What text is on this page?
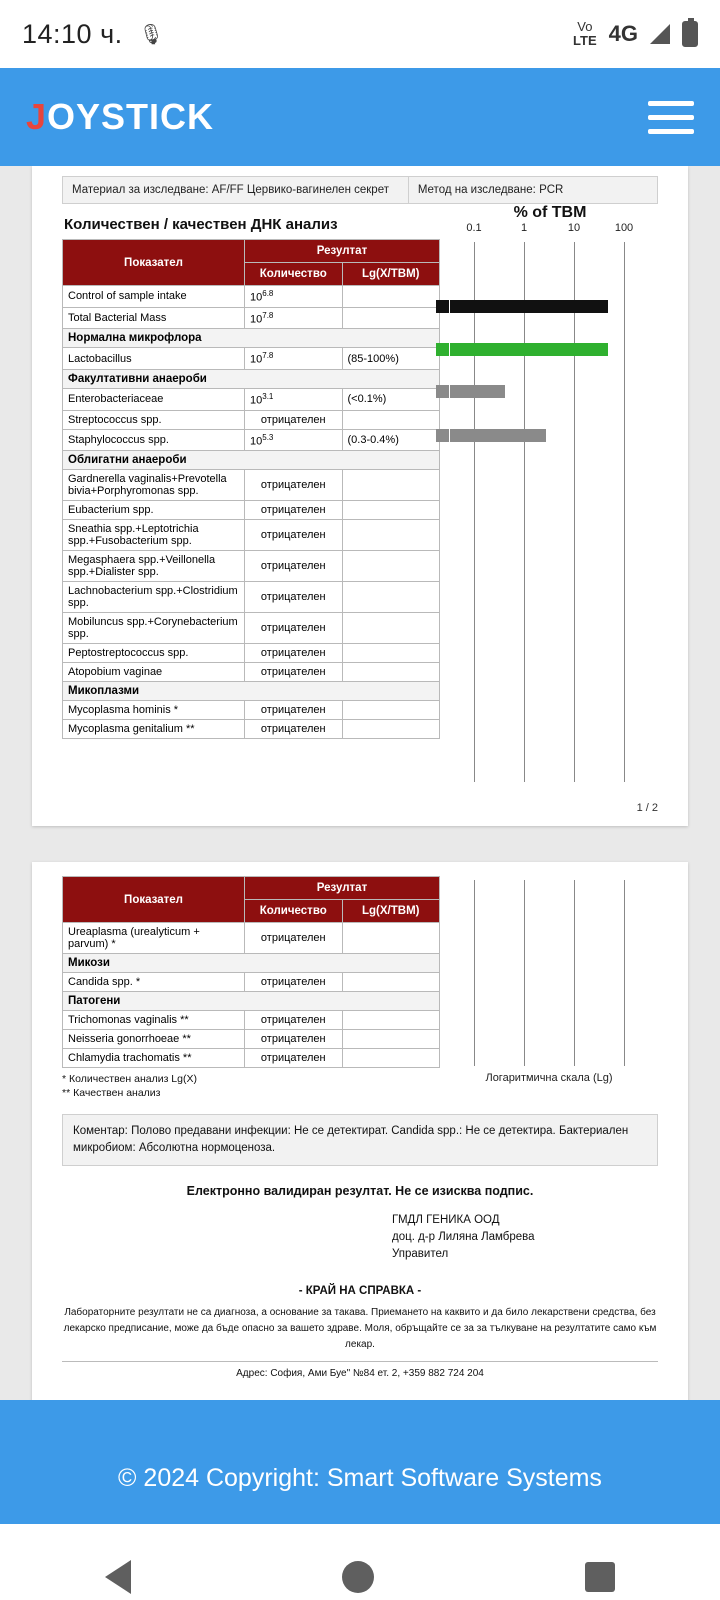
14:10 ч. 🎙	Vo
LTE 4G
JOYSTICK
Материал за изследване: AF/FF Цервико-вагинелен секрет	Метод на изследване: PCR
Количествен / качествен ДНК анализ
Показател	Резултат	
	Количество	Lg(X/TBM)
Control of sample intake	$10^{6.8}$	
Total Bacterial Mass	$10^{7.8}$	
Нормална микрофлора		
Lactobacillus	$10^{7.8}$	(85-100%)
Факултативни анаероби		
Enterobacteriaceae	$10^{3.1}$	(<0.1%)
Streptococcus spp.	отрицателен	
Staphylococcus spp.	$10^{5.3}$	(0.3-0.4%)
Облигатни анаероби		
Gardnerella vaginalis+Prevotella bivia+Porphyromonas spp.	отрицателен	
Eubacterium spp.	отрицателен	
Sneathia spp.+Leptotrichia spp.+Fusobacterium spp.	отрицателен	
Megasphaera spp.+Veillonella spp.+Dialister spp.	отрицателен	
Lachnobacterium spp.+Clostridium spp.	отрицателен	
Mobiluncus spp.+Corynebacterium spp.	отрицателен	
Peptostreptococcus spp.	отрицателен	
Atopobium vaginae	отрицателен	
Микоплазми		
Mycoplasma hominis *	отрицателен	
Mycoplasma genitalium **	отрицателен	
% of TBM
0.1	1	10	100
1 / 2
Показател	Резултат	
	Количество	Lg(X/TBM)
Ureaplasma (urealyticum + parvum) *	отрицателен	
Микози		
Candida spp. *	отрицателен	
Патогени		
Trichomonas vaginalis **	отрицателен	
Neisseria gonorrhoeae **	отрицателен	
Chlamydia trachomatis **	отрицателен	
* Количествен анализ Lg(X)
** Качествен анализ
Логаритмична скала (Lg)
Коментар: Полово предавани инфекции: Не се детектират. Candida spp.: Не се детектира. Бактериален микробиом: Абсолютна нормоценоза.
Електронно валидиран резултат. Не се изисква подпис.
ГМДЛ ГЕНИКА ООД
доц. д-р Лиляна Ламбрева
Управител
- КРАЙ НА СПРАВКА -
Лабораторните резултати не са диагноза, а основание за такава. Приемането на каквито и да било лекарствени средства, без лекарско предписание, може да бъде опасно за вашето здраве. Моля, обръщайте се за за тълкуване на резултатите само към лекар.
Адрес: София, Ами Буе" №84 ет. 2, +359 882 724 204
© 2024 Copyright: Smart Software Systems
